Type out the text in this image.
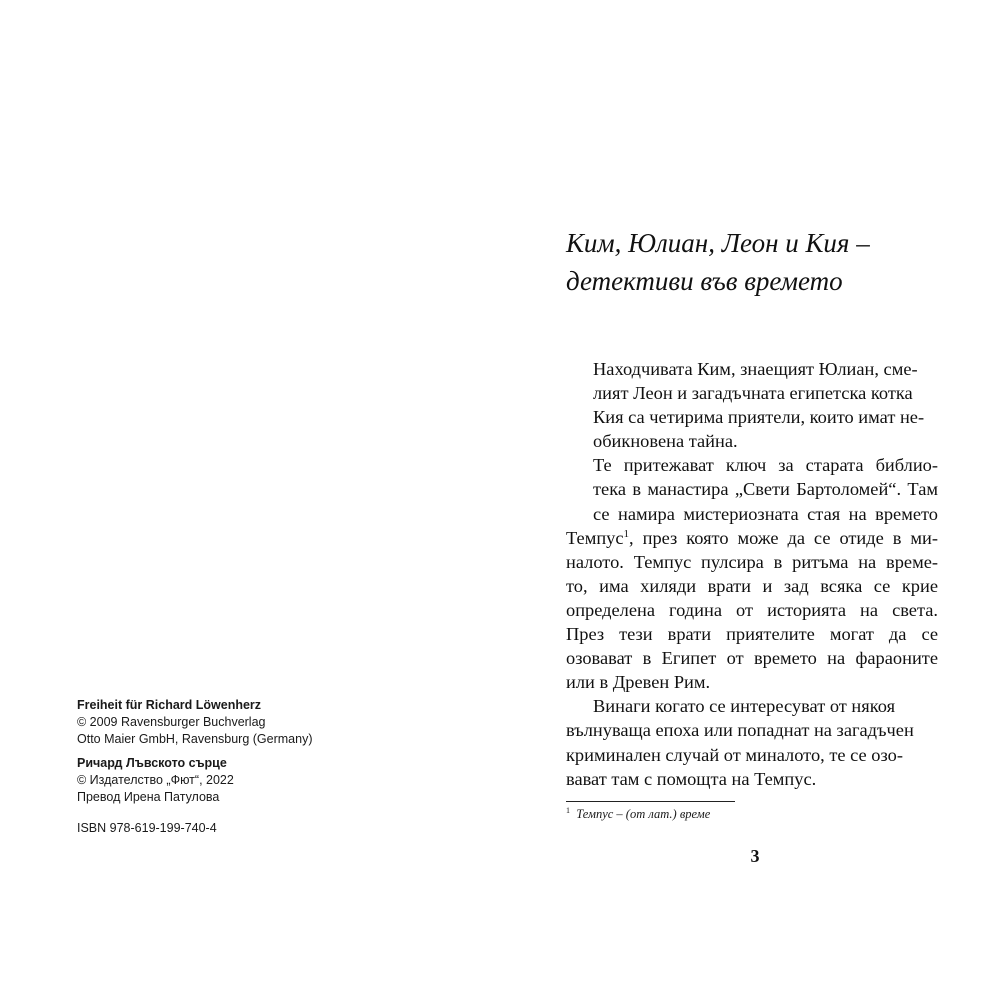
Freiheit für Richard Löwenherz
© 2009 Ravensburger Buchverlag
Otto Maier GmbH, Ravensburg (Germany)
Ричард Лъвското сърце
© Издателство „Фют“, 2022
Превод Ирена Патулова
ISBN 978-619-199-740-4
Ким, Юлиан, Леон и Кия –
детективи във времето

Находчивата Ким, знаещият Юлиан, сме-
лият Леон и загадъчната египетска котка
Кия са четирима приятели, които имат не-
обикновена тайна.

Те притежават ключ за старата библио-
тека в манастира „Свети Бартоломей“. Там
се намира мистериозната стая на времето

Темпус$^1$, през която може да се отиде в ми-
налото. Темпус пулсира в ритъма на време-
то, има хиляди врати и зад всяка се крие
определена година от историята на света.
През тези врати приятелите могат да се
озовават в Египет от времето на фараоните
или в Древен Рим.

Винаги когато се интересуват от някоя
вълнуваща епоха или попаднат на загадъчен
криминален случай от миналото, те се озо-
вават там с помощта на Темпус.

$^1$ Темпус – (от лат.) време
3
